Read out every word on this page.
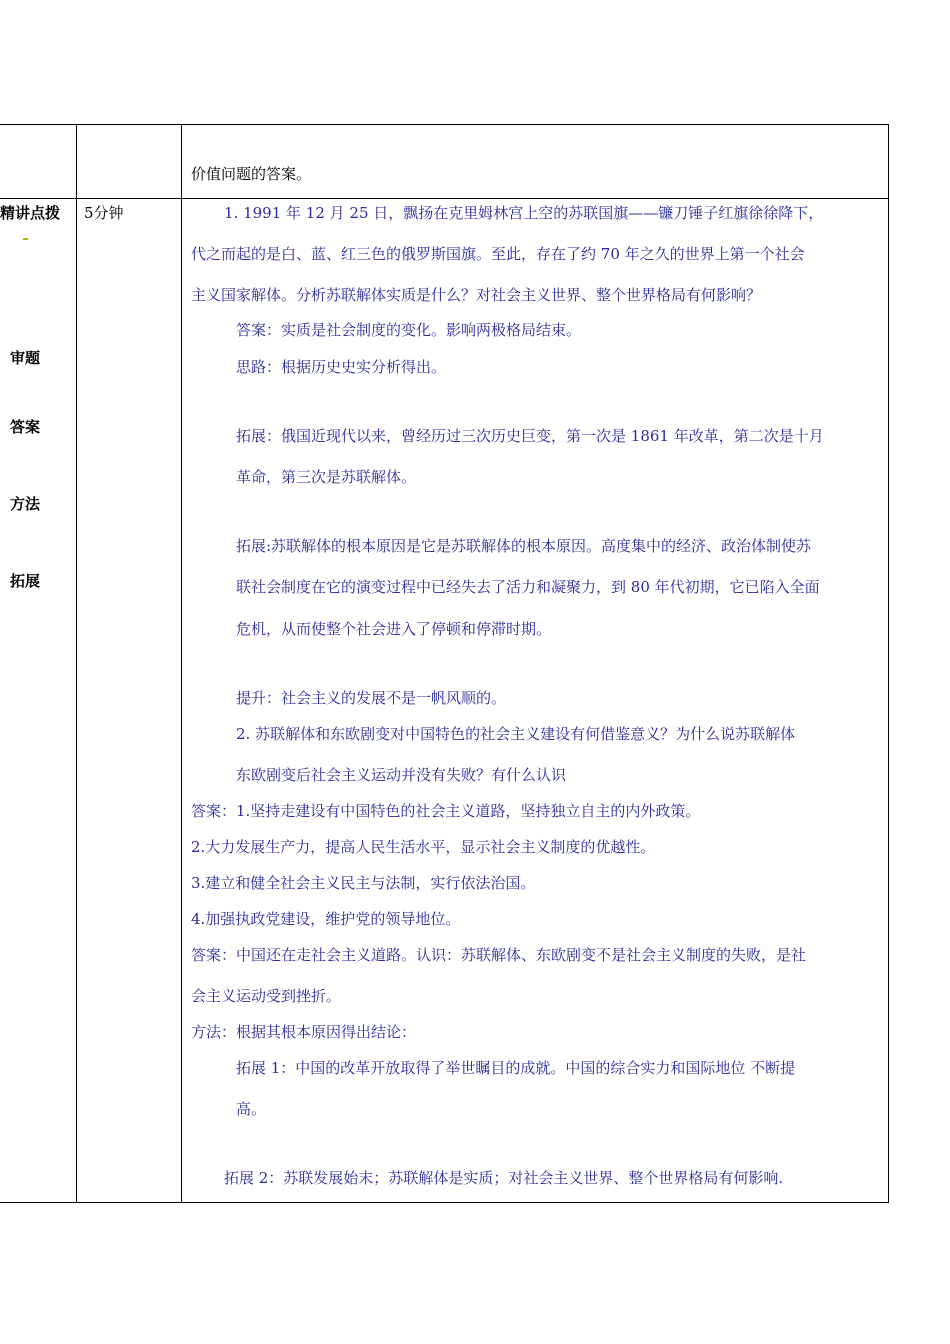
价值问题的答案。
精讲点拨
审题
答案
方法
拓展
5分钟	1. 1991 年 12 月 25 日，飘扬在克里姆林宫上空的苏联国旗——镰刀锤子红旗徐徐降下，
代之而起的是白、蓝、红三色的俄罗斯国旗。至此，存在了约 70 年之久的世界上第一个社会
主义国家解体。分析苏联解体实质是什么？对社会主义世界、整个世界格局有何影响？
答案：实质是社会制度的变化。影响两极格局结束。
思路：根据历史史实分析得出。
拓展：俄国近现代以来，曾经历过三次历史巨变，第一次是 1861 年改革，第二次是十月
革命，第三次是苏联解体。
拓展:苏联解体的根本原因是它是苏联解体的根本原因。高度集中的经济、政治体制使苏
联社会制度在它的演变过程中已经失去了活力和凝聚力，到 80 年代初期，它已陷入全面
危机，从而使整个社会进入了停顿和停滞时期。
提升：社会主义的发展不是一帆风顺的。
2. 苏联解体和东欧剧变对中国特色的社会主义建设有何借鉴意义？为什么说苏联解体
东欧剧变后社会主义运动并没有失败？有什么认识
答案：1.坚持走建设有中国特色的社会主义道路，坚持独立自主的内外政策。
2.大力发展生产力，提高人民生活水平，显示社会主义制度的优越性。
3.建立和健全社会主义民主与法制，实行依法治国。
4.加强执政党建设，维护党的领导地位。
答案：中国还在走社会主义道路。认识：苏联解体、东欧剧变不是社会主义制度的失败，是社
会主义运动受到挫折。
方法：根据其根本原因得出结论：
拓展 1：中国的改革开放取得了举世瞩目的成就。中国的综合实力和国际地位 不断提
高。
拓展 2：苏联发展始末；苏联解体是实质；对社会主义世界、整个世界格局有何影响.
